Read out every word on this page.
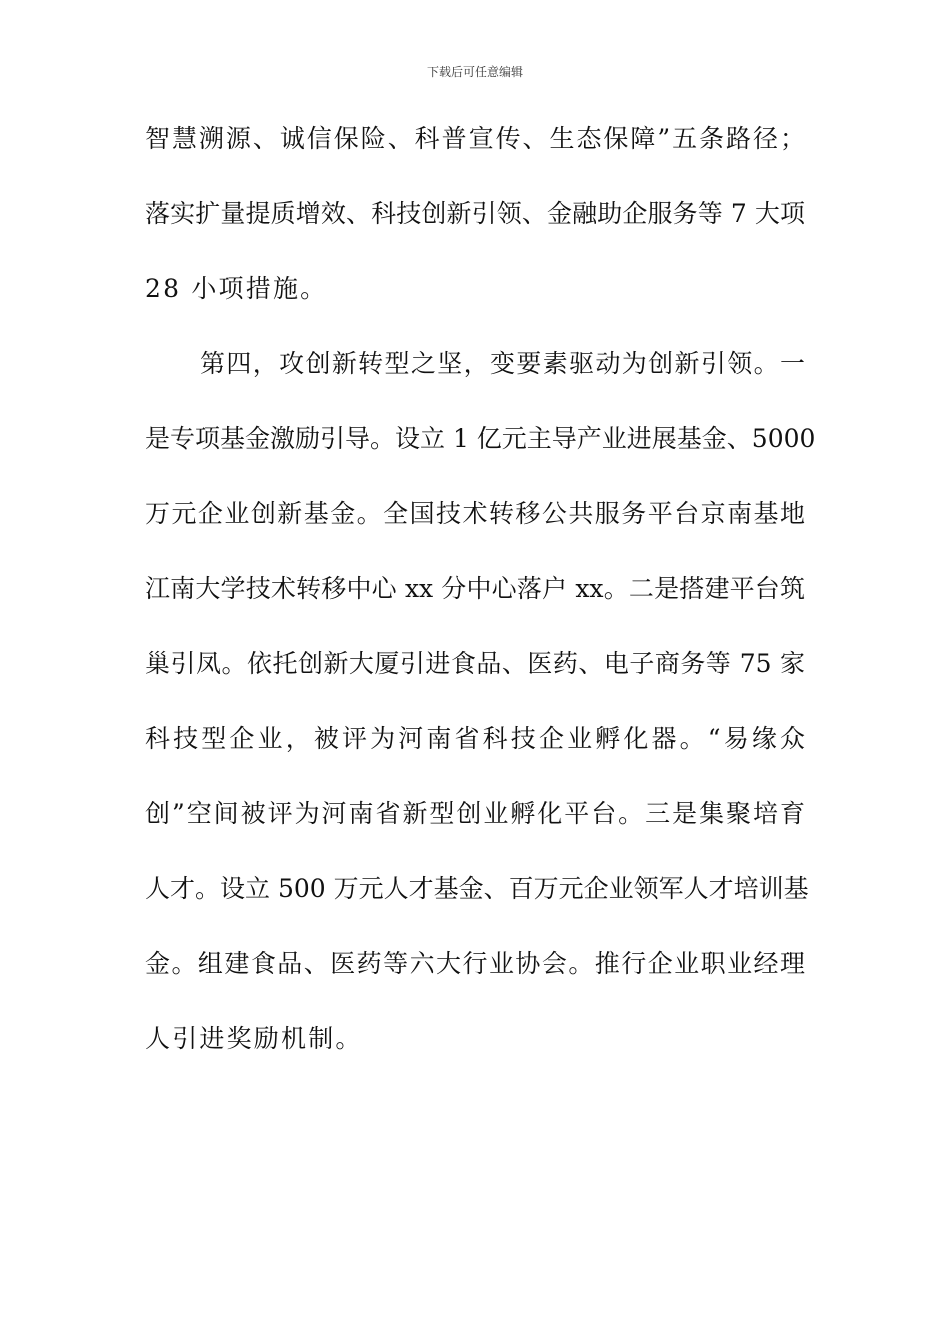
下载后可任意编辑
智慧溯源、诚信保险、科普宣传、生态保障”五条路径；
落实扩量提质增效、科技创新引领、金融助企服务等 7 大项
28 小项措施。
第四，攻创新转型之坚，变要素驱动为创新引领。一
是专项基金激励引导。设立 1 亿元主导产业进展基金、5000
万元企业创新基金。全国技术转移公共服务平台京南基地
江南大学技术转移中心 xx 分中心落户 xx。二是搭建平台筑
巢引凤。依托创新大厦引进食品、医药、电子商务等 75 家
科技型企业，被评为河南省科技企业孵化器。“易缘众
创”空间被评为河南省新型创业孵化平台。三是集聚培育
人才。设立 500 万元人才基金、百万元企业领军人才培训基
金。组建食品、医药等六大行业协会。推行企业职业经理
人引进奖励机制。
